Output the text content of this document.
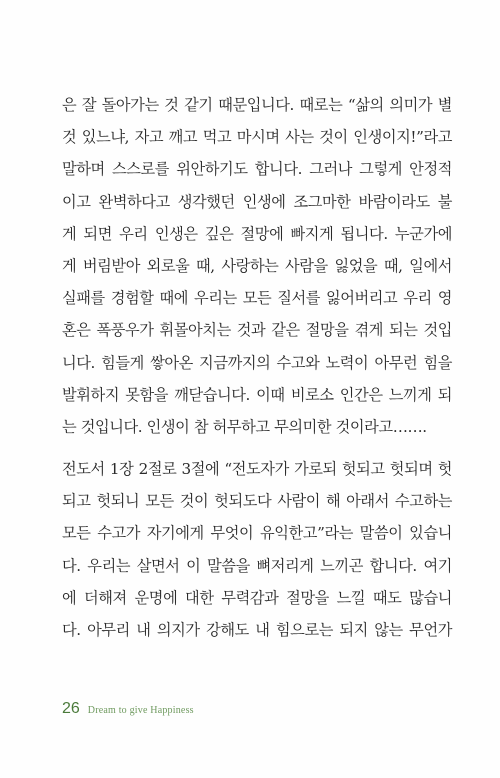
은 잘 돌아가는 것 같기 때문입니다. 때로는 “삶의 의미가 별
것 있느냐, 자고 깨고 먹고 마시며 사는 것이 인생이지!”라고
말하며 스스로를 위안하기도 합니다. 그러나 그렇게 안정적
이고 완벽하다고 생각했던 인생에 조그마한 바람이라도 불
게 되면 우리 인생은 깊은 절망에 빠지게 됩니다. 누군가에
게 버림받아 외로울 때, 사랑하는 사람을 잃었을 때, 일에서
실패를 경험할 때에 우리는 모든 질서를 잃어버리고 우리 영
혼은 폭풍우가 휘몰아치는 것과 같은 절망을 겪게 되는 것입
니다. 힘들게 쌓아온 지금까지의 수고와 노력이 아무런 힘을
발휘하지 못함을 깨닫습니다. 이때 비로소 인간은 느끼게 되
는 것입니다. 인생이 참 허무하고 무의미한 것이라고…….
전도서 1장 2절로 3절에 “전도자가 가로되 헛되고 헛되며 헛
되고 헛되니 모든 것이 헛되도다 사람이 해 아래서 수고하는
모든 수고가 자기에게 무엇이 유익한고”라는 말씀이 있습니
다. 우리는 살면서 이 말씀을 뼈저리게 느끼곤 합니다. 여기
에 더해져 운명에 대한 무력감과 절망을 느낄 때도 많습니
다. 아무리 내 의지가 강해도 내 힘으로는 되지 않는 무언가
26 Dream to give Happiness
